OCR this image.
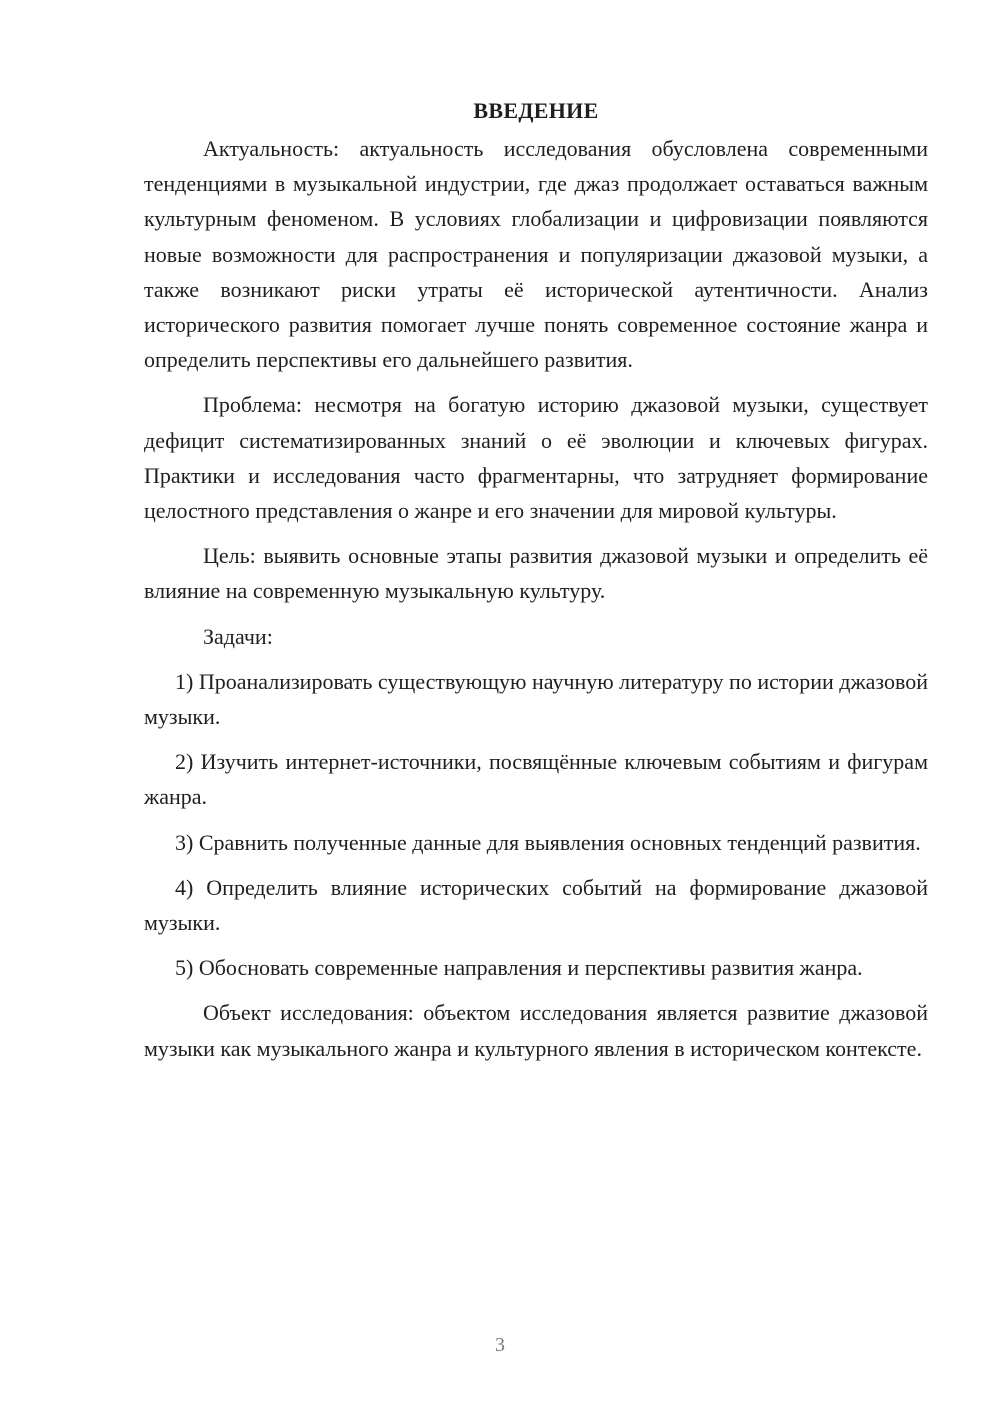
ВВЕДЕНИЕ

Актуальность: актуальность исследования обусловлена современными тенденциями в музыкальной индустрии, где джаз продолжает оставаться важным культурным феноменом. В условиях глобализации и цифровизации появляются новые возможности для распространения и популяризации джазовой музыки, а также возникают риски утраты её исторической аутентичности. Анализ исторического развития помогает лучше понять современное состояние жанра и определить перспективы его дальнейшего развития.

Проблема: несмотря на богатую историю джазовой музыки, существует дефицит систематизированных знаний о её эволюции и ключевых фигурах. Практики и исследования часто фрагментарны, что затрудняет формирование целостного представления о жанре и его значении для мировой культуры.

Цель: выявить основные этапы развития джазовой музыки и определить её влияние на современную музыкальную культуру.

Задачи:

1) Проанализировать существующую научную литературу по истории джазовой музыки.

2) Изучить интернет-источники, посвящённые ключевым событиям и фигурам жанра.

3) Сравнить полученные данные для выявления основных тенденций развития.

4) Определить влияние исторических событий на формирование джазовой музыки.

5) Обосновать современные направления и перспективы развития жанра.

Объект исследования: объектом исследования является развитие джазовой музыки как музыкального жанра и культурного явления в историческом контексте.

3
